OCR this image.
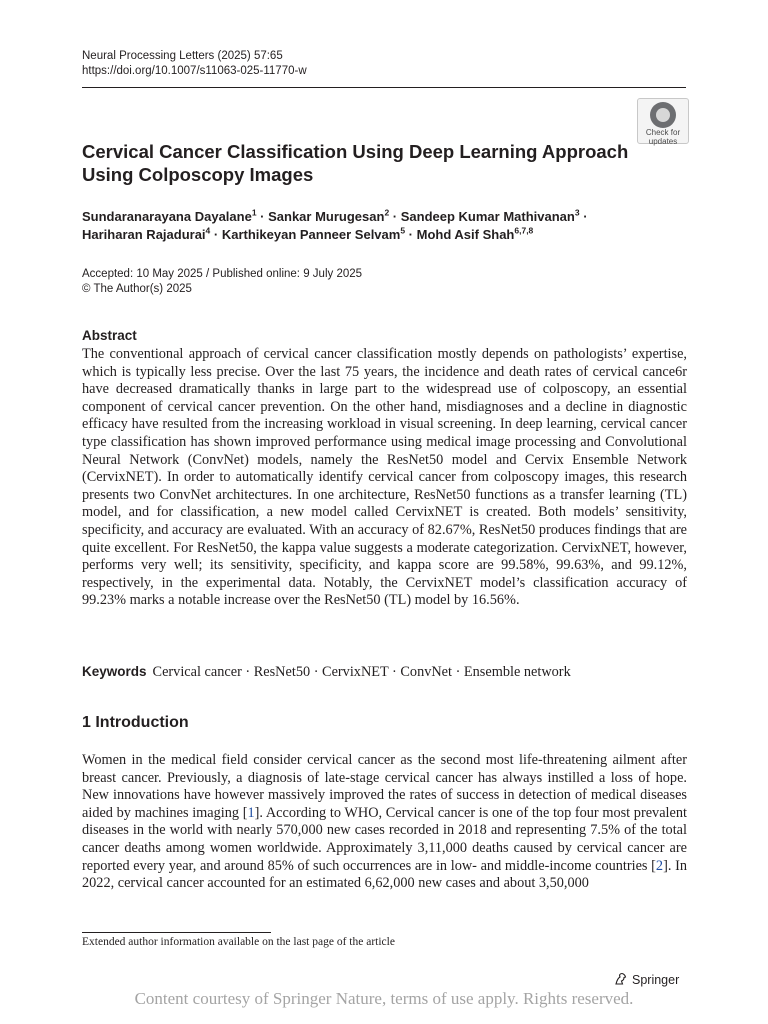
Neural Processing Letters (2025) 57:65
https://doi.org/10.1007/s11063-025-11770-w
Check for
updates
Cervical Cancer Classification Using Deep Learning Approach Using Colposcopy Images
Sundaranarayana Dayalane$^1$ · Sankar Murugesan$^2$ · Sandeep Kumar Mathivanan$^3$ ·
Hariharan Rajadurai$^4$ · Karthikeyan Panneer Selvam$^5$ · Mohd Asif Shah$^{6,7,8}$
Accepted: 10 May 2025 / Published online: 9 July 2025
© The Author(s) 2025
Abstract

The conventional approach of cervical cancer classification mostly depends on pathologists’ expertise, which is typically less precise. Over the last 75 years, the incidence and death rates of cervical cance6r have decreased dramatically thanks in large part to the widespread use of colposcopy, an essential component of cervical cancer prevention. On the other hand, misdiagnoses and a decline in diagnostic efficacy have resulted from the increasing workload in visual screening. In deep learning, cervical cancer type classification has shown improved performance using medical image processing and Convolutional Neural Network (ConvNet) models, namely the ResNet50 model and Cervix Ensemble Network (CervixNET). In order to automatically identify cervical cancer from colposcopy images, this research presents two ConvNet architectures. In one architecture, ResNet50 functions as a transfer learning (TL) model, and for classification, a new model called CervixNET is created. Both models’ sensitivity, specificity, and accuracy are evaluated. With an accuracy of 82.67%, ResNet50 produces findings that are quite excellent. For ResNet50, the kappa value suggests a moderate categorization. CervixNET, however, performs very well; its sensitivity, specificity, and kappa score are 99.58%, 99.63%, and 99.12%, respectively, in the experimental data. Notably, the CervixNET model’s classification accuracy of 99.23% marks a notable increase over the ResNet50 (TL) model by 16.56%.

Keywords Cervical cancer · ResNet50 · CervixNET · ConvNet · Ensemble network
1 Introduction

Women in the medical field consider cervical cancer as the second most life-threatening ailment after breast cancer. Previously, a diagnosis of late-stage cervical cancer has always instilled a loss of hope. New innovations have however massively improved the rates of success in detection of medical diseases aided by machines imaging [1]. According to WHO, Cervical cancer is one of the top four most prevalent diseases in the world with nearly 570,000 new cases recorded in 2018 and representing 7.5% of the total cancer deaths among women worldwide. Approximately 3,11,000 deaths caused by cervical cancer are reported every year, and around 85% of such occurrences are in low- and middle-income countries [2]. In 2022, cervical cancer accounted for an estimated 6,62,000 new cases and about 3,50,000

Extended author information available on the last page of the article
Springer
Content courtesy of Springer Nature, terms of use apply. Rights reserved.
